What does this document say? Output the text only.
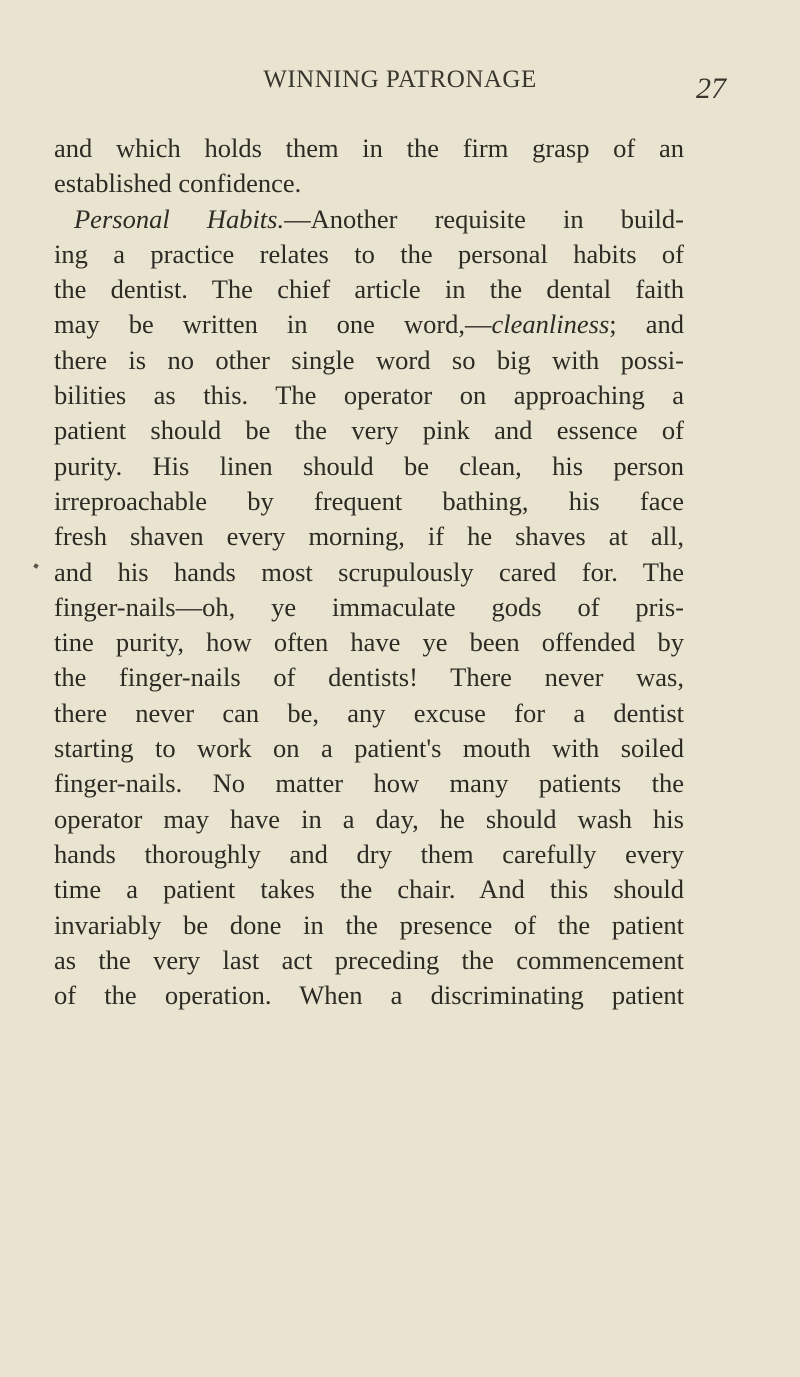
WINNING PATRONAGE	27
and which holds them in the firm grasp of an
established confidence.
Personal Habits.—Another requisite in build-
ing a practice relates to the personal habits of
the dentist. The chief article in the dental faith
may be written in one word,—cleanliness; and
there is no other single word so big with possi-
bilities as this. The operator on approaching a
patient should be the very pink and essence of
purity. His linen should be clean, his person
irreproachable by frequent bathing, his face
fresh shaven every morning, if he shaves at all,
and his hands most scrupulously cared for. The
finger-nails—oh, ye immaculate gods of pris-
tine purity, how often have ye been offended by
the finger-nails of dentists! There never was,
there never can be, any excuse for a dentist
starting to work on a patient's mouth with soiled
finger-nails. No matter how many patients the
operator may have in a day, he should wash his
hands thoroughly and dry them carefully every
time a patient takes the chair. And this should
invariably be done in the presence of the patient
as the very last act preceding the commencement
of the operation. When a discriminating patient
